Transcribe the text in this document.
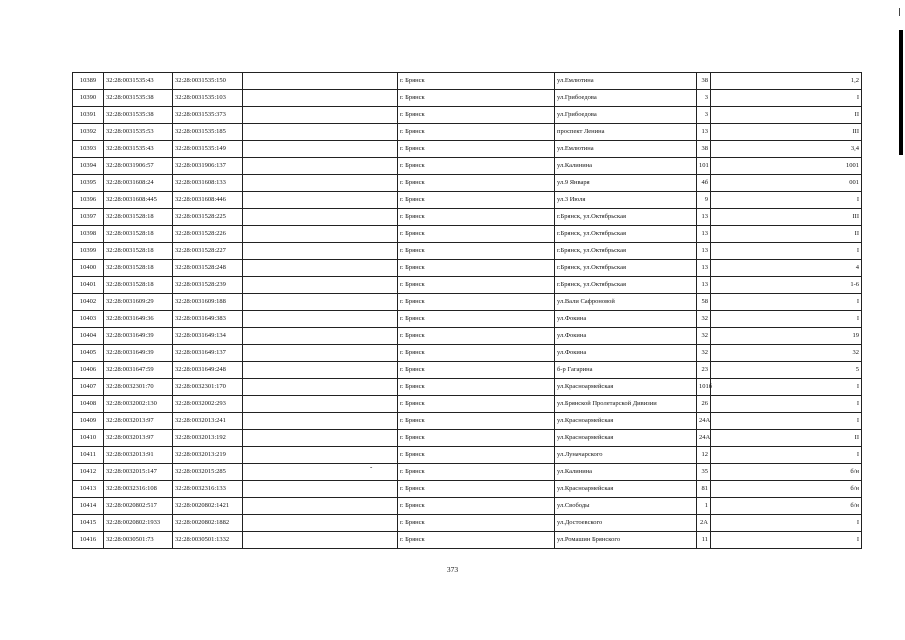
10389	32:28:0031535:43	32:28:0031535:150		г. Брянск	ул.Емлютина	38	1,2
10390	32:28:0031535:38	32:28:0031535:103		г. Брянск	ул.Грибоедова	3	I
10391	32:28:0031535:38	32:28:0031535:373		г. Брянск	ул.Грибоедова	3	II
10392	32:28:0031535:53	32:28:0031535:185		г. Брянск	проспект Ленина	13	III
10393	32:28:0031535:43	32:28:0031535:149		г. Брянск	ул.Емлютина	38	3,4
10394	32:28:0031906:57	32:28:0031906:137		г. Брянск	ул.Калинина	101	1001
10395	32:28:0031608:24	32:28:0031608:133		г. Брянск	ул.9 Января	4б	001
10396	32:28:0031608:445	32:28:0031608:446		г. Брянск	ул.3 Июля	9	I
10397	32:28:0031528:18	32:28:0031528:225		г. Брянск	г.Брянск, ул.Октябрьская	13	III
10398	32:28:0031528:18	32:28:0031528:226		г. Брянск	г.Брянск, ул.Октябрьская	13	II
10399	32:28:0031528:18	32:28:0031528:227		г. Брянск	г.Брянск, ул.Октябрьская	13	I
10400	32:28:0031528:18	32:28:0031528:248		г. Брянск	г.Брянск, ул.Октябрьская	13	4
10401	32:28:0031528:18	32:28:0031528:239		г. Брянск	г.Брянск, ул.Октябрьская	13	1-6
10402	32:28:0031609:29	32:28:0031609:188		г. Брянск	ул.Вали Сафроновой	58	I
10403	32:28:0031649:36	32:28:0031649:383		г. Брянск	ул.Фокина	32	I
10404	32:28:0031649:39	32:28:0031649:134		г. Брянск	ул.Фокина	32	19
10405	32:28:0031649:39	32:28:0031649:137		г. Брянск	ул.Фокина	32	32
10406	32:28:0031647:59	32:28:0031649:248		г. Брянск	б-р Гагарина	23	5
10407	32:28:0032301:70	32:28:0032301:170		г. Брянск	ул.Красноармейская	101б	I
10408	32:28:0032002:130	32:28:0032002:293		г. Брянск	ул.Брянской Пролетарской Дивизии	26	I
10409	32:28:0032013:97	32:28:0032013:241		г. Брянск	ул.Красноармейская	24А	I
10410	32:28:0032013:97	32:28:0032013:192		г. Брянск	ул.Красноармейская	24А	II
10411	32:28:0032013:91	32:28:0032013:219		г. Брянск	ул.Луначарского	12	I
10412	32:28:0032015:147	32:28:0032015:285		г. Брянск	ул.Калинина	35	б/н
10413	32:28:0032316:108	32:28:0032316:133		г. Брянск	ул.Красноармейская	81	б/н
10414	32:28:0020802:517	32:28:0020802:1421		г. Брянск	ул.Свободы	1	б/н
10415	32:28:0020802:1933	32:28:0020802:1882		г. Брянск	ул.Достоевского	2А	I
10416	32:28:0030501:73	32:28:0030501:1332		г. Брянск	ул.Ромашин Брянского	11	I
-
373
